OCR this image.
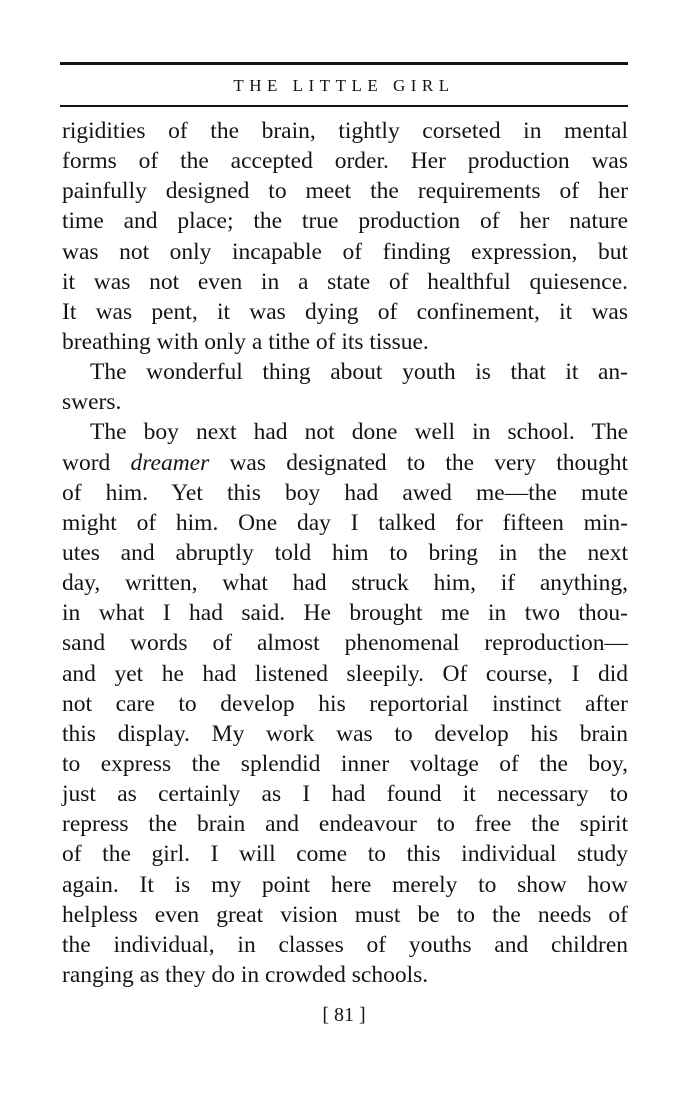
THE LITTLE GIRL
rigidities of the brain, tightly corseted in mental
forms of the accepted order. Her production was
painfully designed to meet the requirements of her
time and place; the true production of her nature
was not only incapable of finding expression, but
it was not even in a state of healthful quiesence.
It was pent, it was dying of confinement, it was
breathing with only a tithe of its tissue.
The wonderful thing about youth is that it an-
swers.
The boy next had not done well in school. The
word dreamer was designated to the very thought
of him. Yet this boy had awed me—the mute
might of him. One day I talked for fifteen min-
utes and abruptly told him to bring in the next
day, written, what had struck him, if anything,
in what I had said. He brought me in two thou-
sand words of almost phenomenal reproduction—
and yet he had listened sleepily. Of course, I did
not care to develop his reportorial instinct after
this display. My work was to develop his brain
to express the splendid inner voltage of the boy,
just as certainly as I had found it necessary to
repress the brain and endeavour to free the spirit
of the girl. I will come to this individual study
again. It is my point here merely to show how
helpless even great vision must be to the needs of
the individual, in classes of youths and children
ranging as they do in crowded schools.
[ 81 ]
